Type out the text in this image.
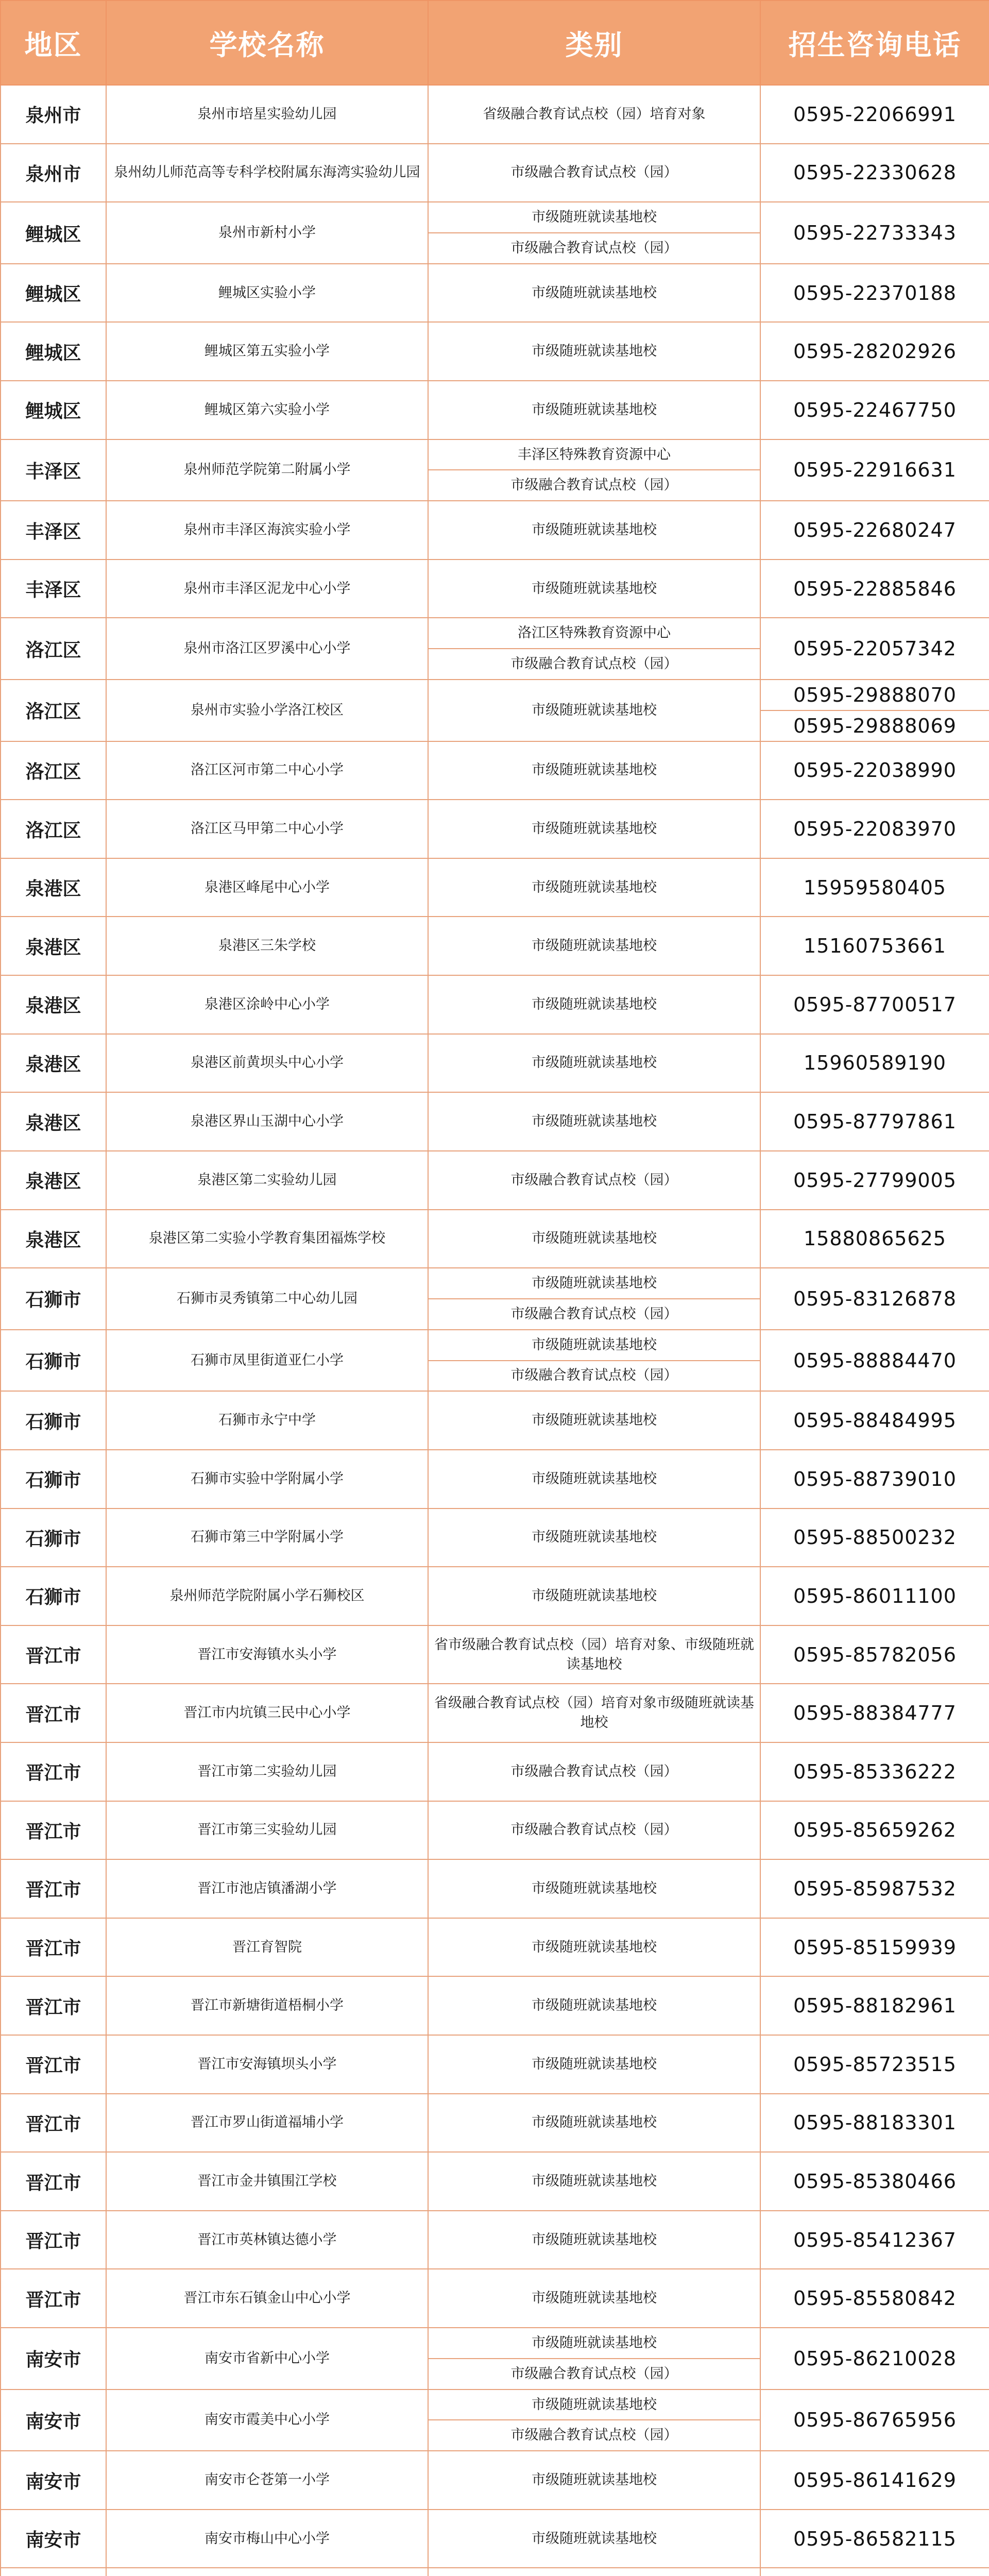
地区	学校名称	类别	招生咨询电话
泉州市	泉州市培星实验幼儿园	省级融合教育试点校（园）培育对象	0595-22066991
泉州市	泉州幼儿师范高等专科学校附属东海湾实验幼儿园	市级融合教育试点校（园）	0595-22330628
鲤城区	泉州市新村小学	市级随班就读基地校	0595-22733343
		市级融合教育试点校（园）	
鲤城区	鲤城区实验小学	市级随班就读基地校	0595-22370188
鲤城区	鲤城区第五实验小学	市级随班就读基地校	0595-28202926
鲤城区	鲤城区第六实验小学	市级随班就读基地校	0595-22467750
丰泽区	泉州师范学院第二附属小学	丰泽区特殊教育资源中心	0595-22916631
		市级融合教育试点校（园）	
丰泽区	泉州市丰泽区海滨实验小学	市级随班就读基地校	0595-22680247
丰泽区	泉州市丰泽区泥龙中心小学	市级随班就读基地校	0595-22885846
洛江区	泉州市洛江区罗溪中心小学	洛江区特殊教育资源中心	0595-22057342
		市级融合教育试点校（园）	
洛江区	泉州市实验小学洛江校区	市级随班就读基地校	0595-29888070
			0595-29888069
洛江区	洛江区河市第二中心小学	市级随班就读基地校	0595-22038990
洛江区	洛江区马甲第二中心小学	市级随班就读基地校	0595-22083970
泉港区	泉港区峰尾中心小学	市级随班就读基地校	15959580405
泉港区	泉港区三朱学校	市级随班就读基地校	15160753661
泉港区	泉港区涂岭中心小学	市级随班就读基地校	0595-87700517
泉港区	泉港区前黄坝头中心小学	市级随班就读基地校	15960589190
泉港区	泉港区界山玉湖中心小学	市级随班就读基地校	0595-87797861
泉港区	泉港区第二实验幼儿园	市级融合教育试点校（园）	0595-27799005
泉港区	泉港区第二实验小学教育集团福炼学校	市级随班就读基地校	15880865625
石狮市	石狮市灵秀镇第二中心幼儿园	市级随班就读基地校	0595-83126878
		市级融合教育试点校（园）	
石狮市	石狮市凤里街道亚仁小学	市级随班就读基地校	0595-88884470
		市级融合教育试点校（园）	
石狮市	石狮市永宁中学	市级随班就读基地校	0595-88484995
石狮市	石狮市实验中学附属小学	市级随班就读基地校	0595-88739010
石狮市	石狮市第三中学附属小学	市级随班就读基地校	0595-88500232
石狮市	泉州师范学院附属小学石狮校区	市级随班就读基地校	0595-86011100
晋江市	晋江市安海镇水头小学	省市级融合教育试点校（园）培育对象、市级随班就读基地校	0595-85782056
晋江市	晋江市内坑镇三民中心小学	省级融合教育试点校（园）培育对象市级随班就读基地校	0595-88384777
晋江市	晋江市第二实验幼儿园	市级融合教育试点校（园）	0595-85336222
晋江市	晋江市第三实验幼儿园	市级融合教育试点校（园）	0595-85659262
晋江市	晋江市池店镇潘湖小学	市级随班就读基地校	0595-85987532
晋江市	晋江育智院	市级随班就读基地校	0595-85159939
晋江市	晋江市新塘街道梧桐小学	市级随班就读基地校	0595-88182961
晋江市	晋江市安海镇坝头小学	市级随班就读基地校	0595-85723515
晋江市	晋江市罗山街道福埔小学	市级随班就读基地校	0595-88183301
晋江市	晋江市金井镇围江学校	市级随班就读基地校	0595-85380466
晋江市	晋江市英林镇达德小学	市级随班就读基地校	0595-85412367
晋江市	晋江市东石镇金山中心小学	市级随班就读基地校	0595-85580842
南安市	南安市省新中心小学	市级随班就读基地校	0595-86210028
		市级融合教育试点校（园）	
南安市	南安市霞美中心小学	市级随班就读基地校	0595-86765956
		市级融合教育试点校（园）	
南安市	南安市仑苍第一小学	市级随班就读基地校	0595-86141629
南安市	南安市梅山中心小学	市级随班就读基地校	0595-86582115
